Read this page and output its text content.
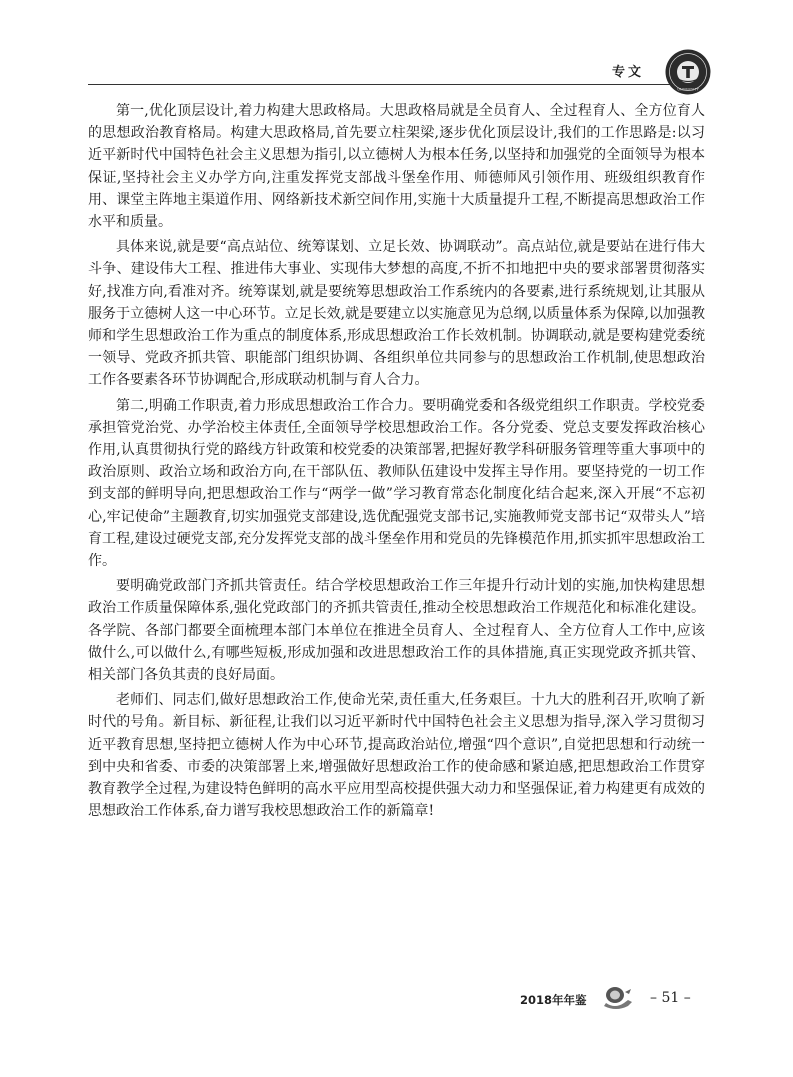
专文
UNIVERSITY

第一,优化顶层设计,着力构建大思政格局。大思政格局就是全员育人、全过程育人、全方位育人的思想政治教育格局。构建大思政格局,首先要立柱架梁,逐步优化顶层设计,我们的工作思路是:以习近平新时代中国特色社会主义思想为指引,以立德树人为根本任务,以坚持和加强党的全面领导为根本保证,坚持社会主义办学方向,注重发挥党支部战斗堡垒作用、师德师风引领作用、班级组织教育作用、课堂主阵地主渠道作用、网络新技术新空间作用,实施十大质量提升工程,不断提高思想政治工作水平和质量。

具体来说,就是要“高点站位、统筹谋划、立足长效、协调联动”。高点站位,就是要站在进行伟大斗争、建设伟大工程、推进伟大事业、实现伟大梦想的高度,不折不扣地把中央的要求部署贯彻落实好,找准方向,看准对齐。统筹谋划,就是要统筹思想政治工作系统内的各要素,进行系统规划,让其服从服务于立德树人这一中心环节。立足长效,就是要建立以实施意见为总纲,以质量体系为保障,以加强教师和学生思想政治工作为重点的制度体系,形成思想政治工作长效机制。协调联动,就是要构建党委统一领导、党政齐抓共管、职能部门组织协调、各组织单位共同参与的思想政治工作机制,使思想政治工作各要素各环节协调配合,形成联动机制与育人合力。

第二,明确工作职责,着力形成思想政治工作合力。要明确党委和各级党组织工作职责。学校党委承担管党治党、办学治校主体责任,全面领导学校思想政治工作。各分党委、党总支要发挥政治核心作用,认真贯彻执行党的路线方针政策和校党委的决策部署,把握好教学科研服务管理等重大事项中的政治原则、政治立场和政治方向,在干部队伍、教师队伍建设中发挥主导作用。要坚持党的一切工作到支部的鲜明导向,把思想政治工作与“两学一做”学习教育常态化制度化结合起来,深入开展“不忘初心,牢记使命”主题教育,切实加强党支部建设,选优配强党支部书记,实施教师党支部书记“双带头人”培育工程,建设过硬党支部,充分发挥党支部的战斗堡垒作用和党员的先锋模范作用,抓实抓牢思想政治工作。

要明确党政部门齐抓共管责任。结合学校思想政治工作三年提升行动计划的实施,加快构建思想政治工作质量保障体系,强化党政部门的齐抓共管责任,推动全校思想政治工作规范化和标准化建设。各学院、各部门都要全面梳理本部门本单位在推进全员育人、全过程育人、全方位育人工作中,应该做什么,可以做什么,有哪些短板,形成加强和改进思想政治工作的具体措施,真正实现党政齐抓共管、相关部门各负其责的良好局面。

老师们、同志们,做好思想政治工作,使命光荣,责任重大,任务艰巨。十九大的胜利召开,吹响了新时代的号角。新目标、新征程,让我们以习近平新时代中国特色社会主义思想为指导,深入学习贯彻习近平教育思想,坚持把立德树人作为中心环节,提高政治站位,增强“四个意识”,自觉把思想和行动统一到中央和省委、市委的决策部署上来,增强做好思想政治工作的使命感和紧迫感,把思想政治工作贯穿教育教学全过程,为建设特色鲜明的高水平应用型高校提供强大动力和坚强保证,着力构建更有成效的思想政治工作体系,奋力谱写我校思想政治工作的新篇章!

2018年年鉴	– 51 –
